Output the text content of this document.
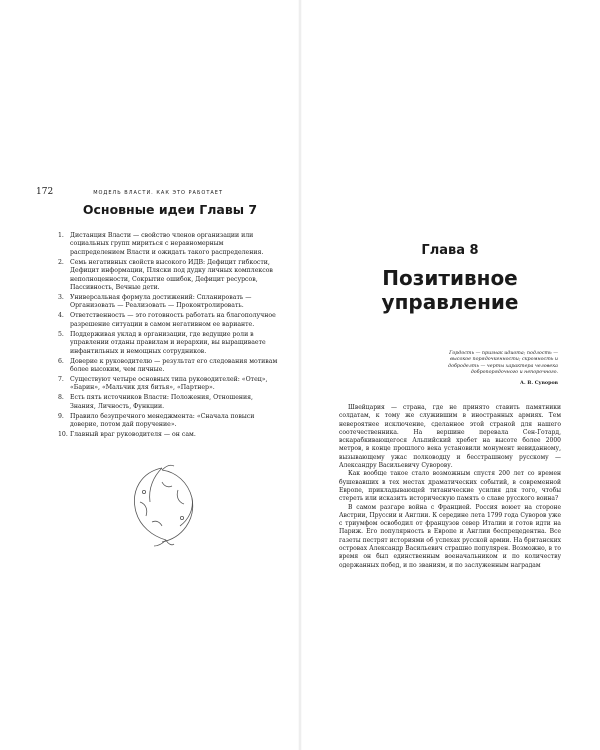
172	МОДЕЛЬ ВЛАСТИ. КАК ЭТО РАБОТАЕТ
Основные идеи Главы 7
1. Дистанция Власти — свойство членов организации или социальных групп мириться с неравномерным распределением Власти и ожидать такого распределения.
2. Семь негативных свойств высокого ИДВ: Дефицит гибкости, Дефицит информации, Пляски под дудку личных комплексов неполноценности, Сокрытие ошибок, Дефицит ресурсов, Пассивность, Вечные дети.
3. Универсальная формула достижений: Спланировать — Организовать — Реализовать — Проконтролировать.
4. Ответственность — это готовность работать на благополучное разрешение ситуации в самом негативном ее варианте.
5. Поддерживая уклад в организации, где ведущие роли в управлении отданы правилам и иерархии, вы выращиваете инфантильных и немощных сотрудников.
6. Доверие к руководителю — результат его следования мотивам более высоким, чем личные.
7. Существуют четыре основных типа руководителей: «Отец», «Барин», «Мальчик для битья», «Партнер».
8. Есть пять источников Власти: Положения, Отношения, Знания, Личность, Функции.
9. Правило безупречного менеджмента: «Сначала повыси доверие, потом дай поручение».
10. Главный враг руководителя — он сам.
Глава 8
Позитивное
управление
Гордость — признак идиота; подлость — высокое порядочкенности; скромность и доброделть — черты характера человека добропорядочного и непорочного.
А. В. Суворов

Швейцария — страна, где не принято ставить памятники солдатам, к тому же служившим в иностранных армиях. Тем невероятнее исключение, сделанное этой страной для нашего соотечественника. На вершине перевала Сен-Готард, вскарабкивающегося Альпийский хребет на высоте более 2000 метров, в конце прошлого века установили монумент невиданному, вызывающему ужас полководцу и бесстрашному русскому — Александру Васильевичу Суворову.

Как вообще такое стало возможным спустя 200 лет со времен бушевавших в тех местах драматических событий, в современной Европе, прикладывающей титанические усилия для того, чтобы стереть или исказить историческую память о славе русского воина?

В самом разгаре война с Францией. Россия воюет на стороне Австрии, Пруссии и Англии. К середине лета 1799 года Суворов уже с триумфом освободил от французов север Италии и готов идти на Париж. Его популярность в Европе и Англии беспрецедентна. Все газеты пестрят историями об успехах русской армии. На британских островах Александр Васильевич страшно популярен. Возможно, в то время он был единственным военачальником и по количеству одержанных побед, и по званиям, и по заслуженным наградам
